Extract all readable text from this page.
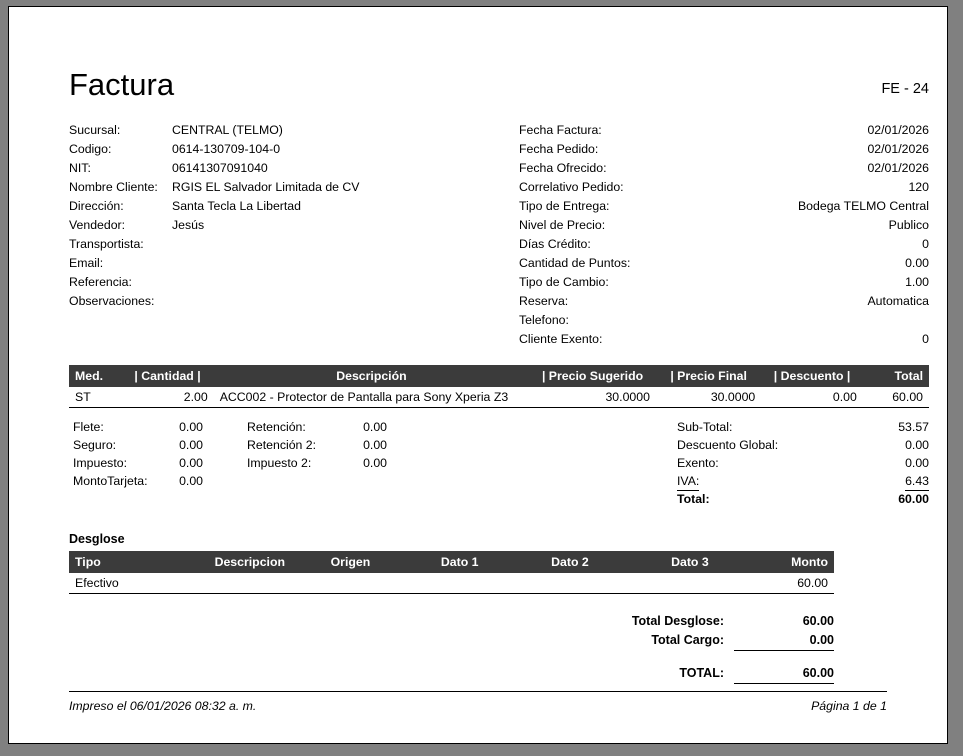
Factura	FE - 24
Sucursal:	CENTRAL (TELMO)
Codigo:	0614-130709-104-0
NIT:	06141307091040
Nombre Cliente: RGIS EL Salvador Limitada de CV
Dirección:	Santa Tecla La Libertad
Vendedor:	Jesús
Transportista:
Email:
Referencia:
Observaciones:
Fecha Factura:	02/01/2026
Fecha Pedido:	02/01/2026
Fecha Ofrecido:	02/01/2026
Correlativo Pedido:	120
Tipo de Entrega:	Bodega TELMO Central
Nivel de Precio:	Publico
Días Crédito:	0
Cantidad de Puntos:	0.00
Tipo de Cambio:	1.00
Reserva:	Automatica
Telefono:
Cliente Exento:	0
Med.	| Cantidad |	Descripción	| Precio Sugerido	| Precio Final	| Descuento |	Total
ST	2.00	ACC002 - Protector de Pantalla para Sony Xperia Z3	30.0000	30.0000	0.00	60.00
Flete:	0.00
Seguro:	0.00
Impuesto:	0.00
MontoTarjeta:	0.00
Retención:	0.00
Retención 2:	0.00
Impuesto 2:	0.00
Sub-Total:	53.57
Descuento Global:	0.00
Exento:	0.00
IVA:	6.43
Total:	60.00
Desglose
Tipo	Descripcion	Origen	Dato 1	Dato 2	Dato 3	Monto
Efectivo						60.00
Total Desglose:	60.00
Total Cargo:	0.00
TOTAL:	60.00
Impreso el 06/01/2026 08:32 a. m.	Página 1 de 1
